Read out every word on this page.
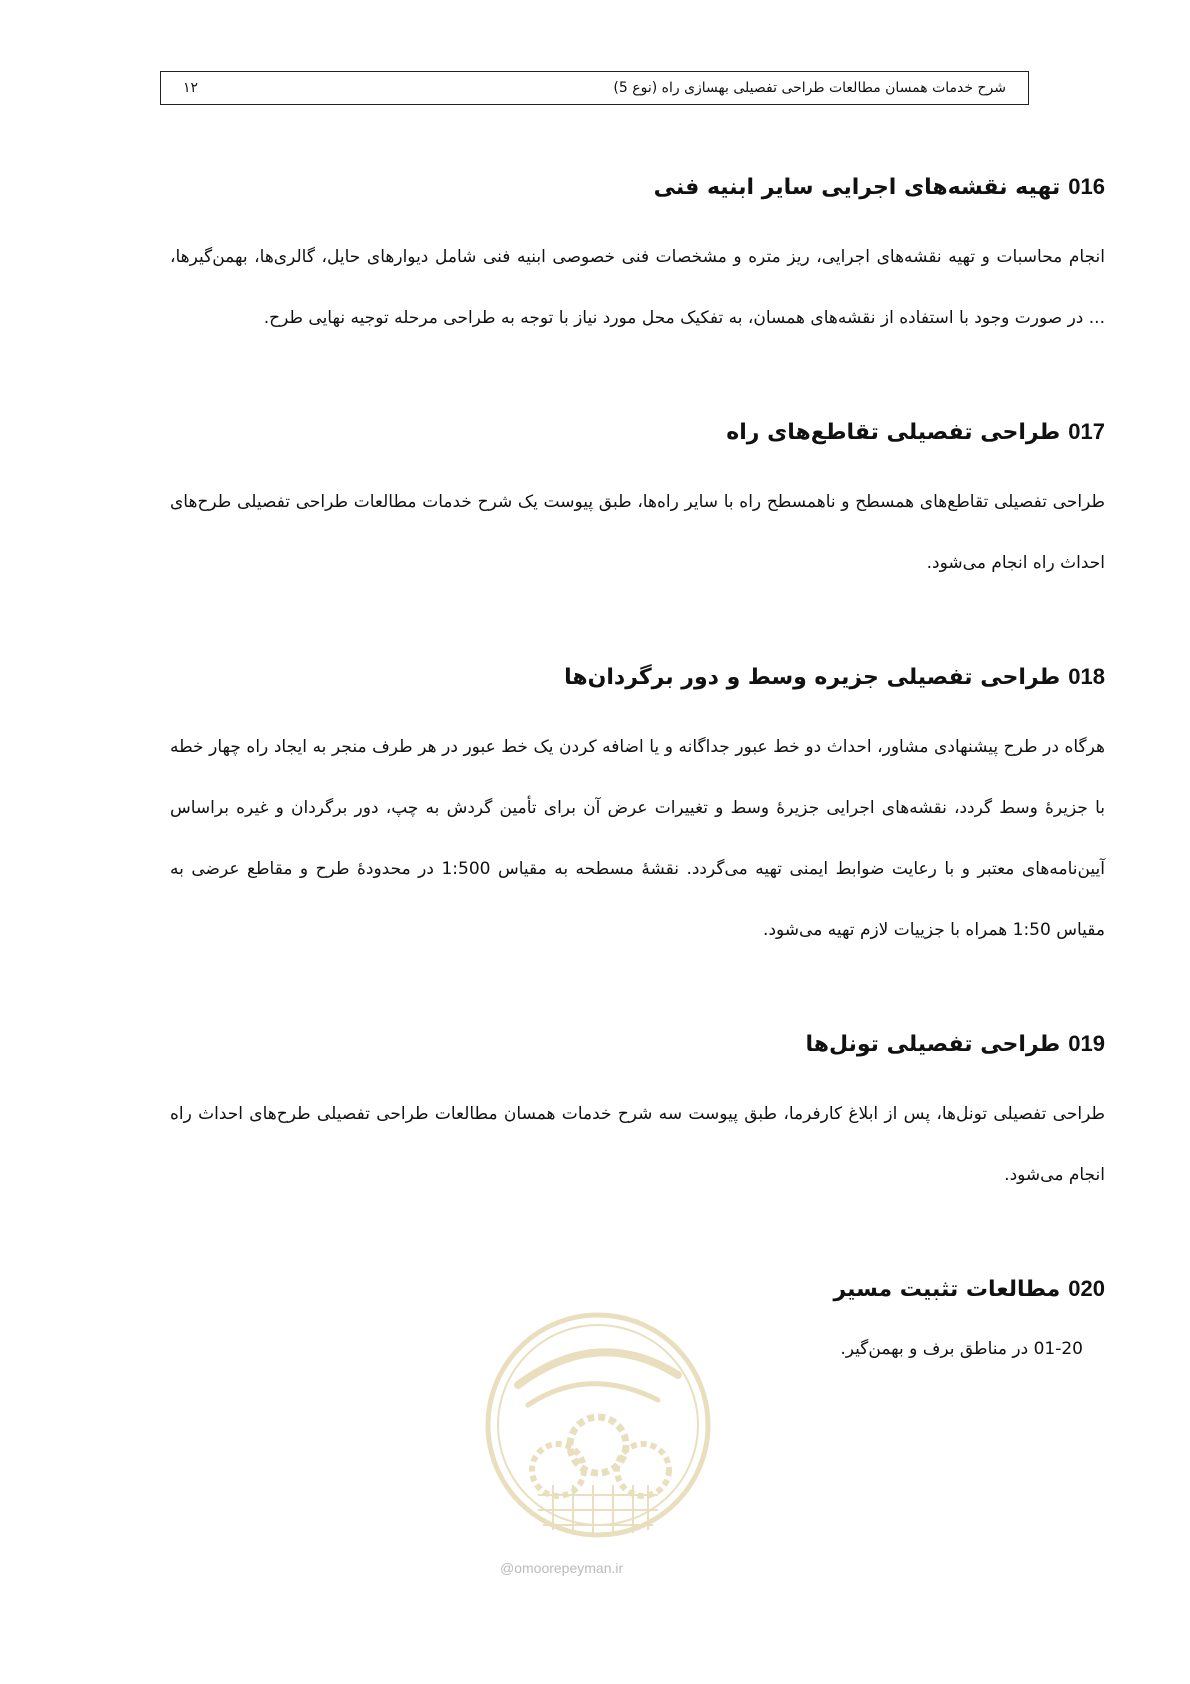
شرح خدمات همسان مطالعات طراحی تفصیلی بهسازی راه (نوع 5)
۱۲
016تهیه نقشه‌های اجرایی سایر ابنیه فنی

انجام محاسبات و تهیه نقشه‌های اجرایی، ریز متره و مشخصات فنی خصوصی ابنیه فنی شامل دیوارهای حایل، گالری‌ها، بهمن‌گیرها، ... در صورت وجود با استفاده از نقشه‌های همسان، به تفکیک محل مورد نیاز با توجه به طراحی مرحله توجیه نهایی طرح.

017طراحی تفصیلی تقاطع‌های راه

طراحی تفصیلی تقاطع‌های همسطح و ناهمسطح راه با سایر راه‌ها، طبق پیوست یک شرح خدمات مطالعات طراحی تفصیلی طرح‌های احداث راه انجام می‌شود.

018طراحی تفصیلی جزیره وسط و دور برگردان‌ها

هرگاه در طرح پیشنهادی مشاور، احداث دو خط عبور جداگانه و یا اضافه کردن یک خط عبور در هر طرف منجر به ایجاد راه چهار خطه با جزیرۀ وسط گردد، نقشه‌های اجرایی جزیرۀ وسط و تغییرات عرض آن برای تأمین گردش به چپ، دور برگردان و غیره براساس آیین‌نامه‌های معتبر و با رعایت ضوابط ایمنی تهیه می‌گردد. نقشۀ مسطحه به مقیاس 1:500 در محدودۀ طرح و مقاطع عرضی به مقیاس 1:50 همراه با جزییات لازم تهیه می‌شود.

019طراحی تفصیلی تونل‌ها

طراحی تفصیلی تونل‌ها، پس از ابلاغ کارفرما، طبق پیوست سه شرح خدمات همسان مطالعات طراحی تفصیلی طرح‌های احداث راه انجام می‌شود.

020مطالعات تثبیت مسیر

01-20 در مناطق برف و بهمن‌گیر.

@omoorepeyman.ir
